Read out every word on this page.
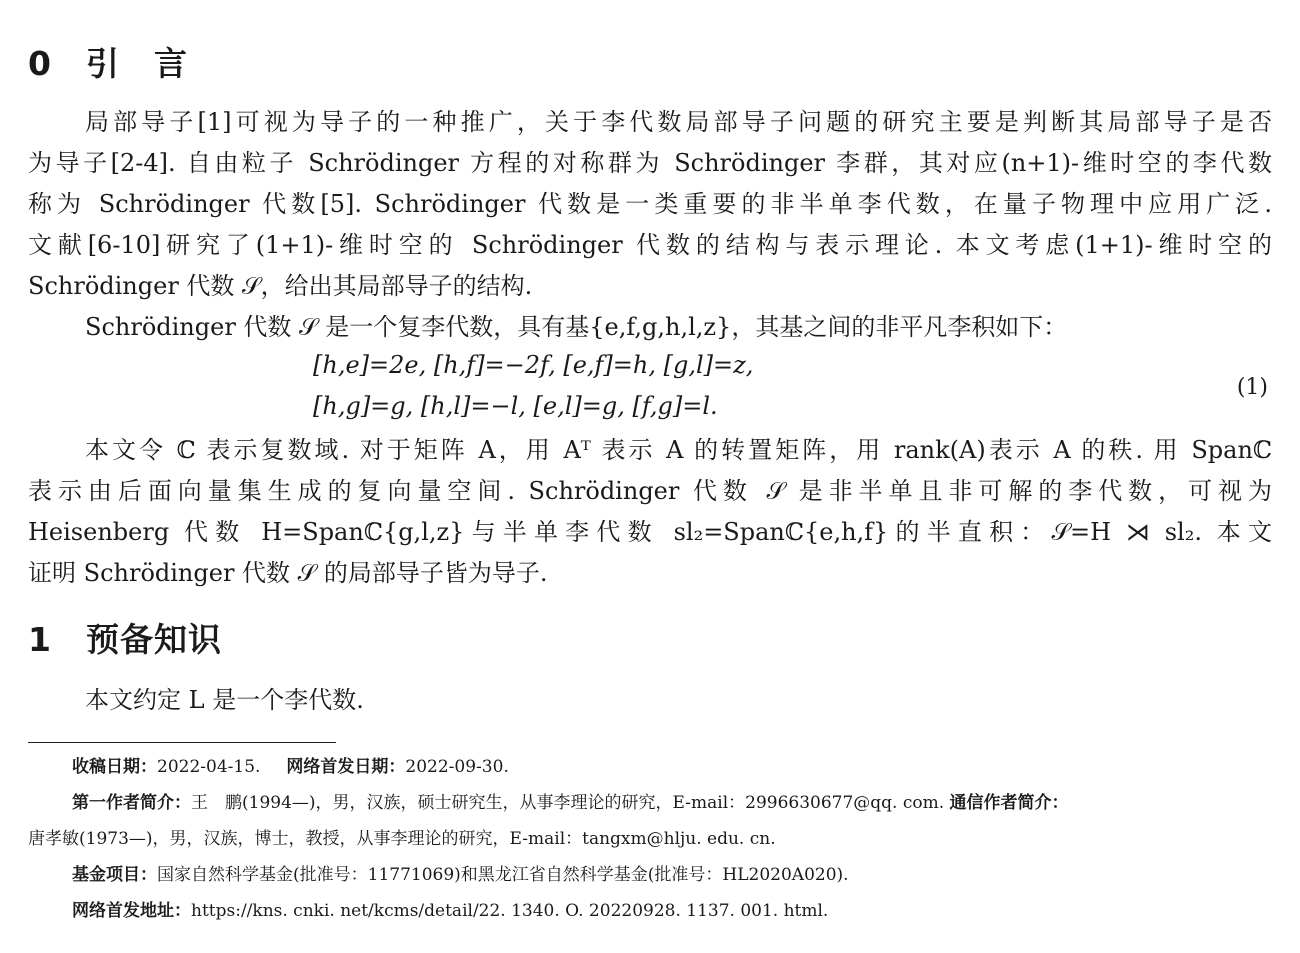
0 引　言
局部导子[1]可视为导子的一种推广，关于李代数局部导子问题的研究主要是判断其局部导子是否
为导子[2-4]. 自由粒子 Schrödinger 方程的对称群为 Schrödinger 李群，其对应(n+1)-维时空的李代数
称为 Schrödinger 代数[5]. Schrödinger 代数是一类重要的非半单李代数，在量子物理中应用广泛.
文献[6-10]研究了(1+1)-维时空的 Schrödinger 代数的结构与表示理论. 本文考虑(1+1)-维时空的
Schrödinger 代数 𝒮，给出其局部导子的结构.
Schrödinger 代数 𝒮 是一个复李代数，具有基{e,f,g,h,l,z}，其基之间的非平凡李积如下：
[h,e]=2e, [h,f]=−2f, [e,f]=h, [g,l]=z,
[h,g]=g, [h,l]=−l, [e,l]=g, [f,g]=l.
(1)
本文令 ℂ 表示复数域. 对于矩阵 A，用 Aᵀ 表示 A 的转置矩阵，用 rank(A)表示 A 的秩. 用 Spanℂ
表示由后面向量集生成的复向量空间. Schrödinger 代数 𝒮 是非半单且非可解的李代数，可视为
Heisenberg 代数 H=Spanℂ{g,l,z}与半单李代数 sl₂=Spanℂ{e,h,f}的半直积：𝒮=H ⋊ sl₂. 本文
证明 Schrödinger 代数 𝒮 的局部导子皆为导子.
1 预备知识
本文约定 L 是一个李代数.
收稿日期：2022-04-15. 网络首发日期：2022-09-30.
第一作者简介：王　鹏(1994—)，男，汉族，硕士研究生，从事李理论的研究，E-mail：2996630677@qq. com. 通信作者简介：
唐孝敏(1973—)，男，汉族，博士，教授，从事李理论的研究，E-mail：tangxm@hlju. edu. cn.
基金项目：国家自然科学基金(批准号：11771069)和黑龙江省自然科学基金(批准号：HL2020A020).
网络首发地址：https://kns. cnki. net/kcms/detail/22. 1340. O. 20220928. 1137. 001. html.
